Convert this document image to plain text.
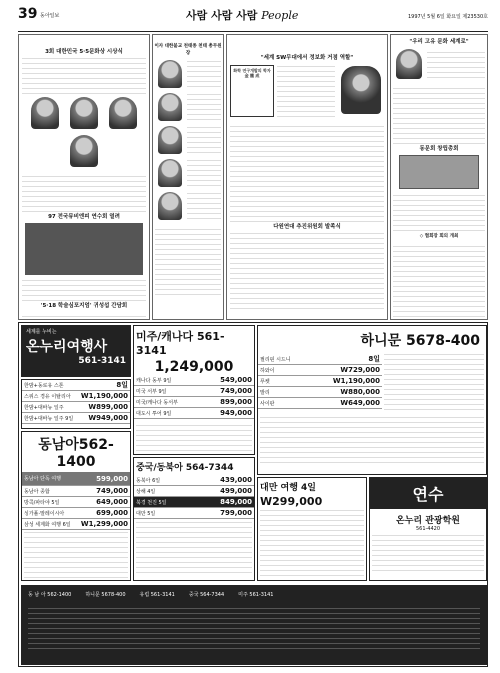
39 동아일보	사람 사람 사람 People	1997년 5월 6일 화요일 제23530호
3회 대한민국 5·5문화상 시상식

97 전국뮤비엔피 연수회 열려
'5·18 학술심포지엄' 귀성섭 간담회
이자 대한불교 천태종 천태 총무원장
"세계 SW무대에서 정보화 거점 역할"
화학 연구개발의 학자
金 龍 成
다원연대 추진위원회 발족식
"우리 고유 문화 세계로"
동문회 창립총회
◇ 협회장 회의 개최
세계를 누비는
온누리여행사
561-3141
한밤+동로유 스톤	8일
스위스 경유 이탈리아 W1,190,000
한밤+대바뉴 일주	W899,000
한밤+대바뉴 일주 9일 W949,000
동남아562-1400
동남아 단독 여행	599,000
동남아 종합	749,000
방콕/파타야 5일	649,000
싱가폴·말레이시아	699,000
삼성 세계화 여행 6일 W1,299,000
미주/캐나다 561-3141
1,249,000
캐나다 동부 9일	549,000
미국 서부 9일	749,000
미국/캐나다 동서부	899,000
대도시 투어 9일	949,000
중국/동북아 564-7344
동북아 6일	439,000
상해 4일	499,000
북경 천진 5일	849,000
대만 5일	799,000
하니문 5678-400
필리핀 시드니	8일
하와이	W729,000
푸켓	W1,190,000
발리	W880,000
사이판	W649,000
대만 여행 4일
W299,000	연수
온누리 관광학원
561-4420
동 남 아 562-1400	하니문 5678-400	유럽 561-3141	중국 564-7344	미주 561-3141
